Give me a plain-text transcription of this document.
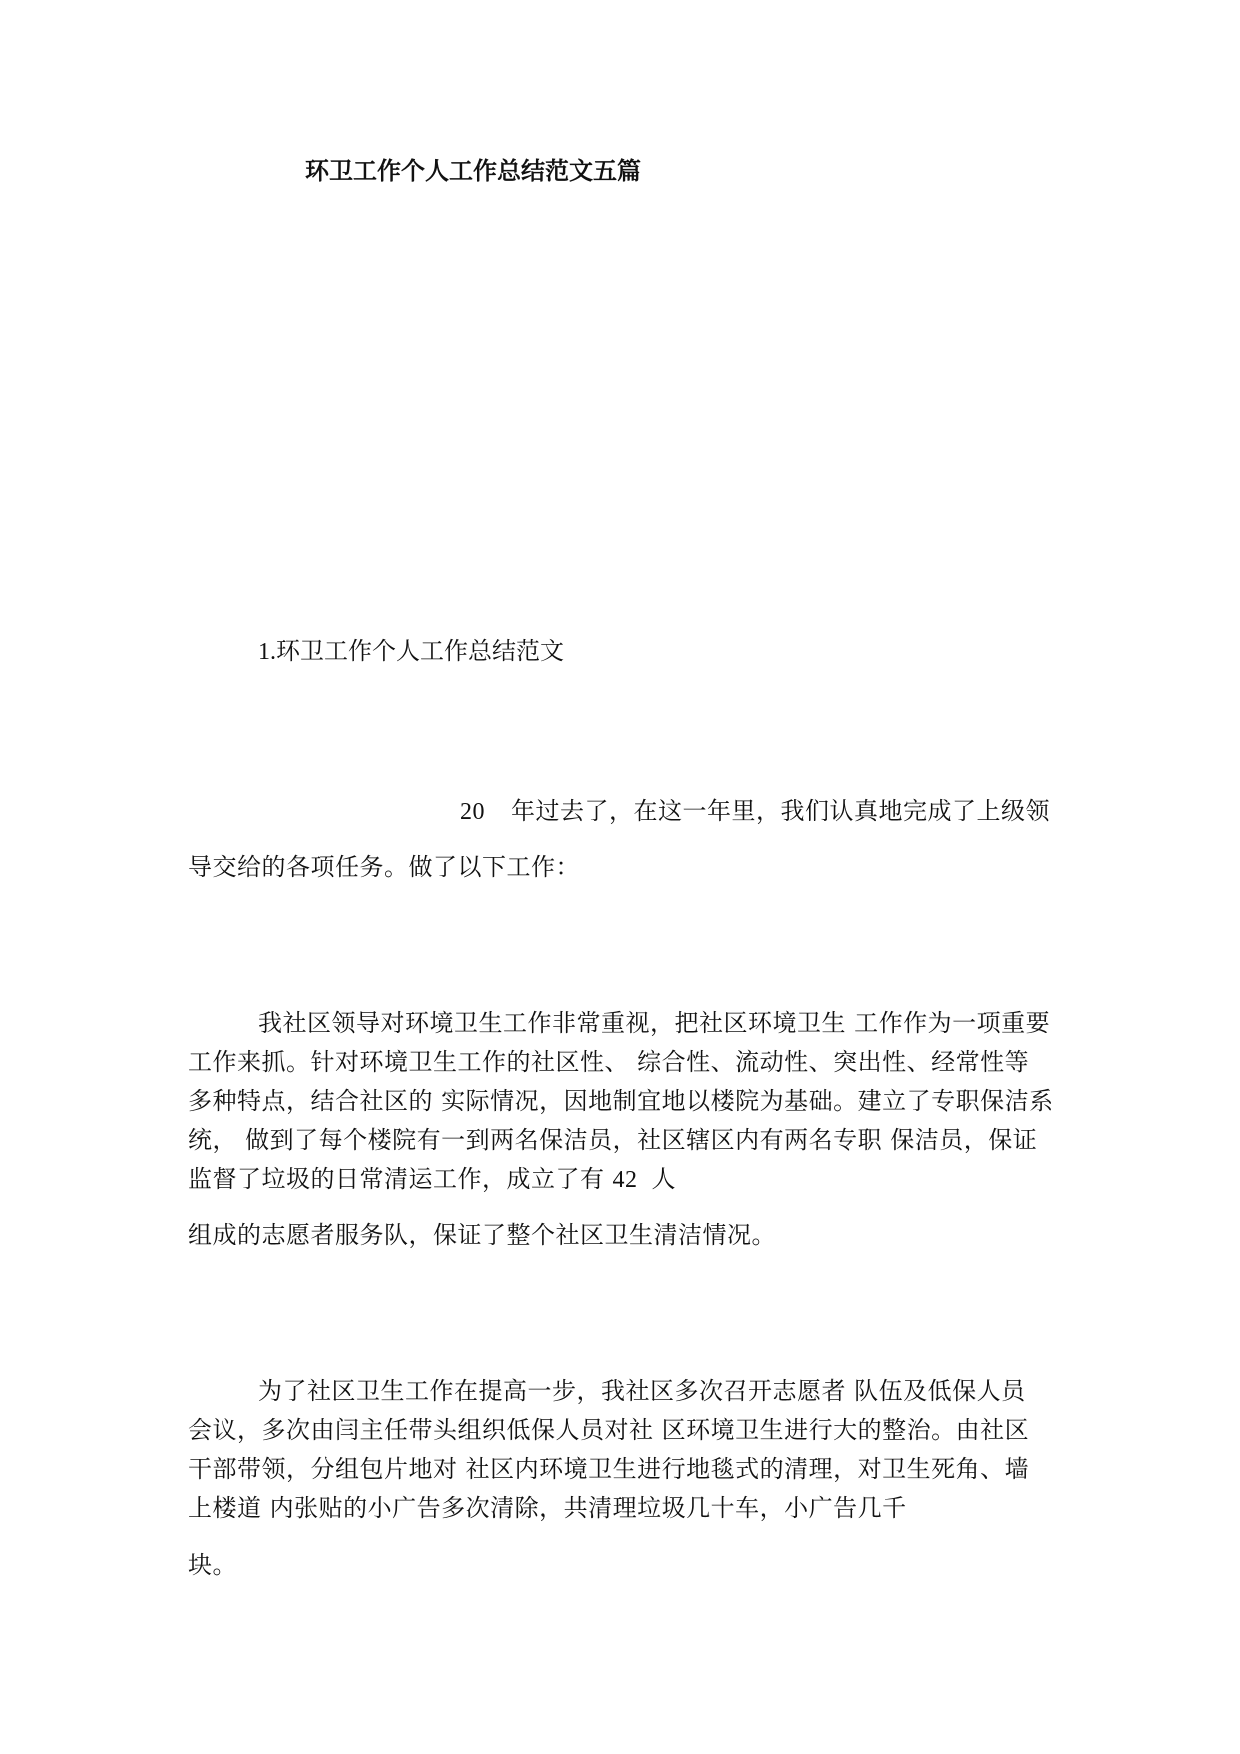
环卫工作个人工作总结范文五篇
1.环卫工作个人工作总结范文
20 年过去了，在这一年里，我们认真地完成了上级领
导交给的各项任务。做了以下工作：
我社区领导对环境卫生工作非常重视，把社区环境卫生 工作作为一项重要
工作来抓。针对环境卫生工作的社区性、 综合性、流动性、突出性、经常性等
多种特点，结合社区的 实际情况，因地制宜地以楼院为基础。建立了专职保洁系
统， 做到了每个楼院有一到两名保洁员，社区辖区内有两名专职 保洁员，保证
监督了垃圾的日常清运工作，成立了有 42 人
组成的志愿者服务队，保证了整个社区卫生清洁情况。
为了社区卫生工作在提高一步，我社区多次召开志愿者 队伍及低保人员
会议，多次由闫主任带头组织低保人员对社 区环境卫生进行大的整治。由社区
干部带领，分组包片地对 社区内环境卫生进行地毯式的清理，对卫生死角、墙
上楼道 内张贴的小广告多次清除，共清理垃圾几十车，小广告几千
块。
